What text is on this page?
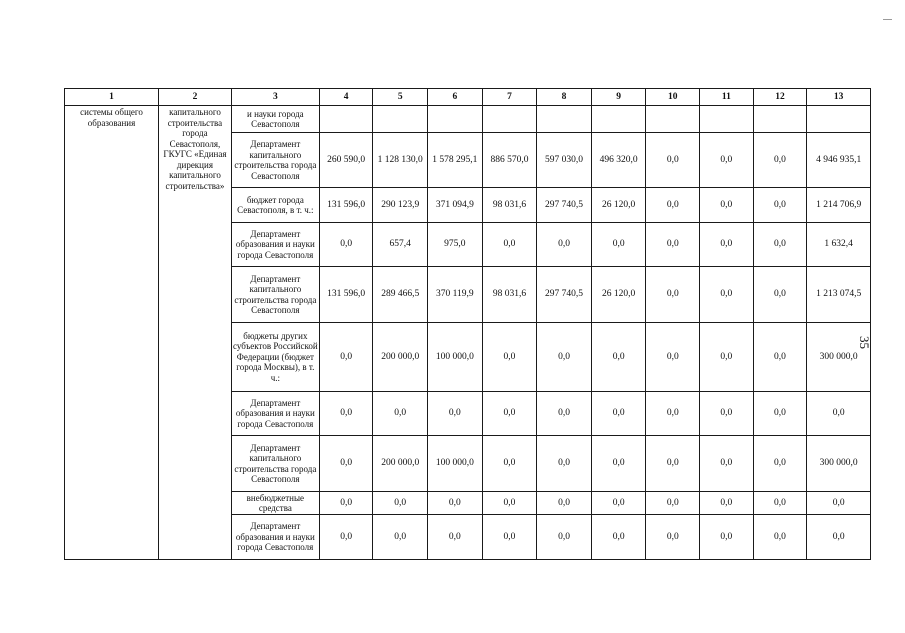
1	2	3	4	5	6	7	8	9	10	11	12	13
системы общего образования	капитального строительства города Севастополя, ГКУГС «Единая дирекция капитального строительства»	и науки города Севастополя										
		Департамент капитального строительства города Севастополя	260 590,0	1 128 130,0	1 578 295,1	886 570,0	597 030,0	496 320,0	0,0	0,0	0,0	4 946 935,1
		бюджет города Севастополя, в т. ч.:	131 596,0	290 123,9	371 094,9	98 031,6	297 740,5	26 120,0	0,0	0,0	0,0	1 214 706,9
		Департамент образования и науки города Севастополя	0,0	657,4	975,0	0,0	0,0	0,0	0,0	0,0	0,0	1 632,4
		Департамент капитального строительства города Севастополя	131 596,0	289 466,5	370 119,9	98 031,6	297 740,5	26 120,0	0,0	0,0	0,0	1 213 074,5
		бюджеты других субъектов Российской Федерации (бюджет города Москвы), в т. ч.:	0,0	200 000,0	100 000,0	0,0	0,0	0,0	0,0	0,0	0,0	300 000,0
		Департамент образования и науки города Севастополя	0,0	0,0	0,0	0,0	0,0	0,0	0,0	0,0	0,0	0,0
		Департамент капитального строительства города Севастополя	0,0	200 000,0	100 000,0	0,0	0,0	0,0	0,0	0,0	0,0	300 000,0
		внебюджетные средства	0,0	0,0	0,0	0,0	0,0	0,0	0,0	0,0	0,0	0,0
		Департамент образования и науки города Севастополя	0,0	0,0	0,0	0,0	0,0	0,0	0,0	0,0	0,0	0,0
35
